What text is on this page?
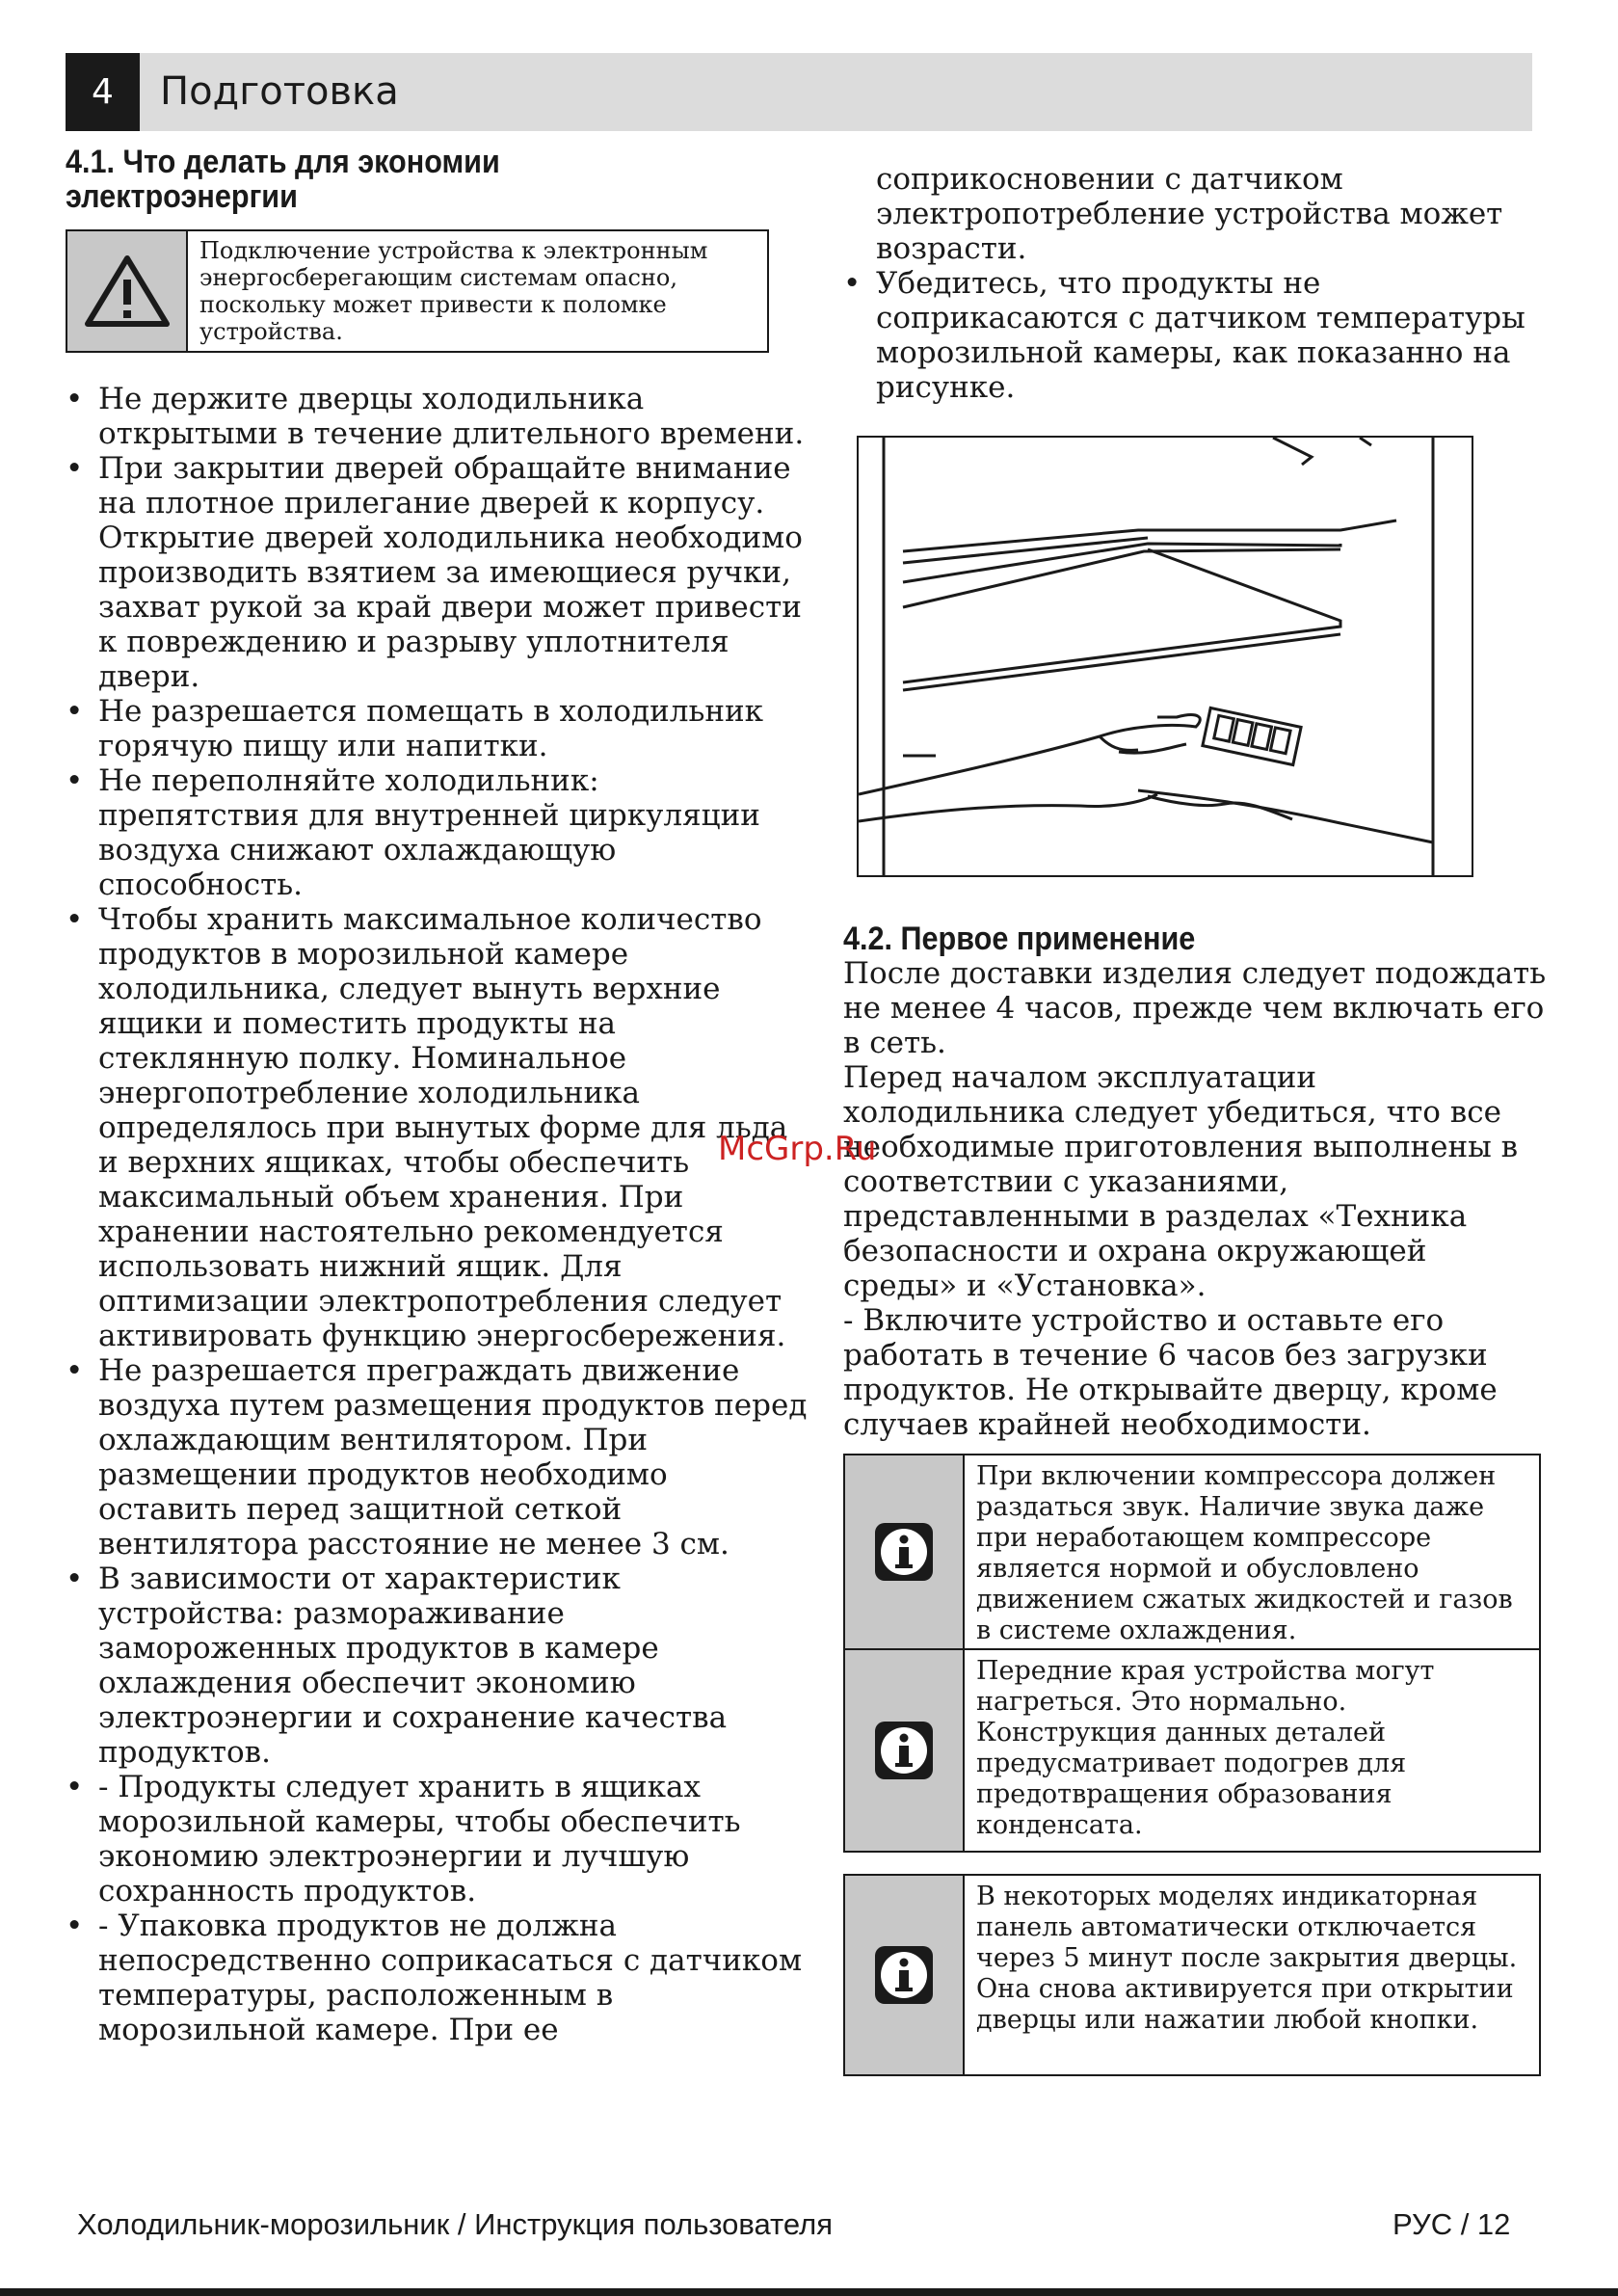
4	Подготовка
4.1. Что делать для экономии электроэнергии
Подключение устройства к электронным энергосберегающим системам опасно, поскольку может привести к поломке устройства.
• Не держите дверцы холодильника открытыми в течение длительного времени.
• При закрытии дверей обращайте внимание на плотное прилегание дверей к корпусу. Открытие дверей холодильника необходимо производить взятием за имеющиеся ручки, захват рукой за край двери может привести к повреждению и разрыву уплотнителя двери.
• Не разрешается помещать в холодильник горячую пищу или напитки.
• Не переполняйте холодильник: препятствия для внутренней циркуляции воздуха снижают охлаждающую способность.
• Чтобы хранить максимальное количество продуктов в морозильной камере холодильника, следует вынуть верхние ящики и поместить продукты на стеклянную полку. Номинальное энергопотребление холодильника определялось при вынутых форме для льда и верхних ящиках, чтобы обеспечить максимальный объем хранения. При хранении настоятельно рекомендуется использовать нижний ящик. Для оптимизации электропотребления следует активировать функцию энергосбережения.
• Не разрешается преграждать движение воздуха путем размещения продуктов перед охлаждающим вентилятором. При размещении продуктов необходимо оставить перед защитной сеткой вентилятора расстояние не менее 3 см.
• В зависимости от характеристик устройства: размораживание замороженных продуктов в камере охлаждения обеспечит экономию электроэнергии и сохранение качества продуктов.
• - Продукты следует хранить в ящиках морозильной камеры, чтобы обеспечить экономию электроэнергии и лучшую сохранность продуктов.
• - Упаковка продуктов не должна непосредственно соприкасаться с датчиком температуры, расположенным в морозильной камере. При ее
соприкосновении с датчиком электропотребление устройства может возрасти.
• Убедитесь, что продукты не соприкасаются с датчиком температуры морозильной камеры, как показанно на рисунке.
4.2. Первое применение

После доставки изделия следует подождать не менее 4 часов, прежде чем включать его в сеть.

Перед началом эксплуатации холодильника следует убедиться, что все необходимые приготовления выполнены в соответствии с указаниями, представленными в разделах «Техника безопасности и охрана окружающей среды» и «Установка».

- Включите устройство и оставьте его работать в течение 6 часов без загрузки продуктов. Не открывайте дверцу, кроме случаев крайней необходимости.

При включении компрессора должен раздаться звук. Наличие звука даже при неработающем компрессоре является нормой и обусловлено движением сжатых жидкостей и газов в системе охлаждения.
Передние края устройства могут нагреться. Это нормально. Конструкция данных деталей предусматривает подогрев для предотвращения образования конденсата.
В некоторых моделях индикаторная панель автоматически отключается через 5 минут после закрытия дверцы. Она снова активируется при открытии дверцы или нажатии любой кнопки.
McGrp.Ru
Холодильник-морозильник / Инструкция пользователя	РУС / 12
